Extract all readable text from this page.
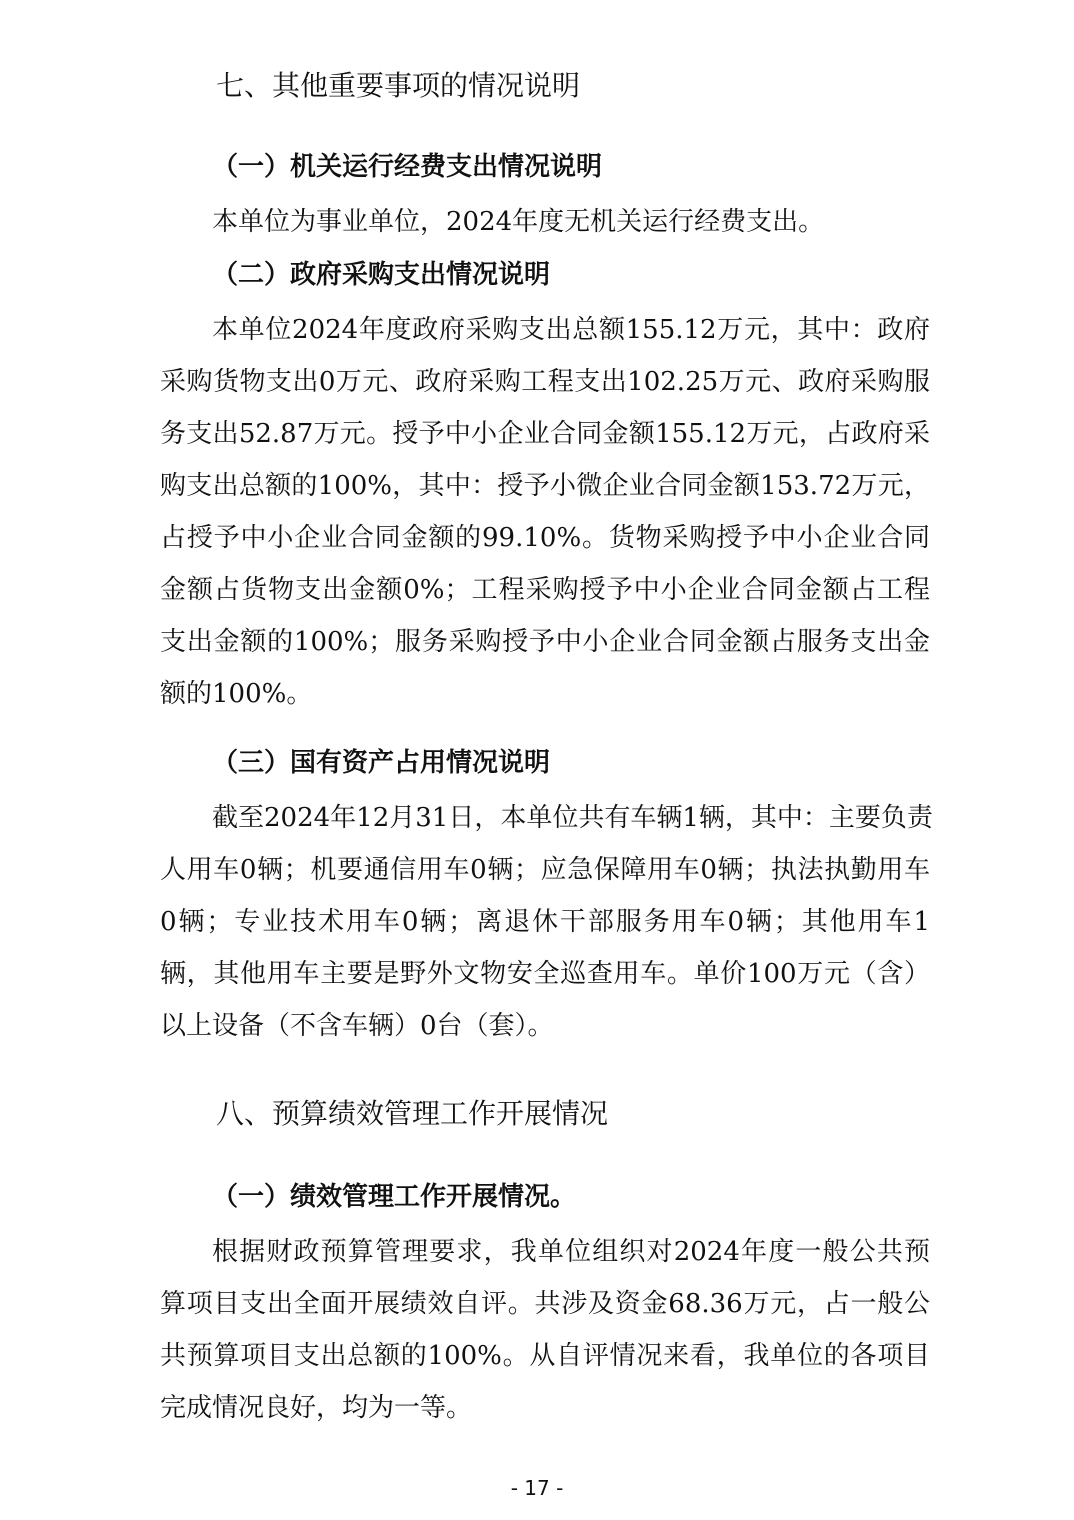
七、其他重要事项的情况说明
（一）机关运行经费支出情况说明
本单位为事业单位，2024年度无机关运行经费支出。
（二）政府采购支出情况说明
本单位2024年度政府采购支出总额155.12万元，其中：政府
采购货物支出0万元、政府采购工程支出102.25万元、政府采购服
务支出52.87万元。授予中小企业合同金额155.12万元，占政府采
购支出总额的100%，其中：授予小微企业合同金额153.72万元，
占授予中小企业合同金额的99.10%。货物采购授予中小企业合同
金额占货物支出金额0%；工程采购授予中小企业合同金额占工程
支出金额的100%；服务采购授予中小企业合同金额占服务支出金
额的100%。
（三）国有资产占用情况说明
截至2024年12月31日，本单位共有车辆1辆，其中：主要负责
人用车0辆；机要通信用车0辆；应急保障用车0辆；执法执勤用车
0辆；专业技术用车0辆；离退休干部服务用车0辆；其他用车1
辆，其他用车主要是野外文物安全巡查用车。单价100万元（含）
以上设备（不含车辆）0台（套）。
八、预算绩效管理工作开展情况
（一）绩效管理工作开展情况。
根据财政预算管理要求，我单位组织对2024年度一般公共预
算项目支出全面开展绩效自评。共涉及资金68.36万元，占一般公
共预算项目支出总额的100%。从自评情况来看，我单位的各项目
完成情况良好，均为一等。
- 17 -
